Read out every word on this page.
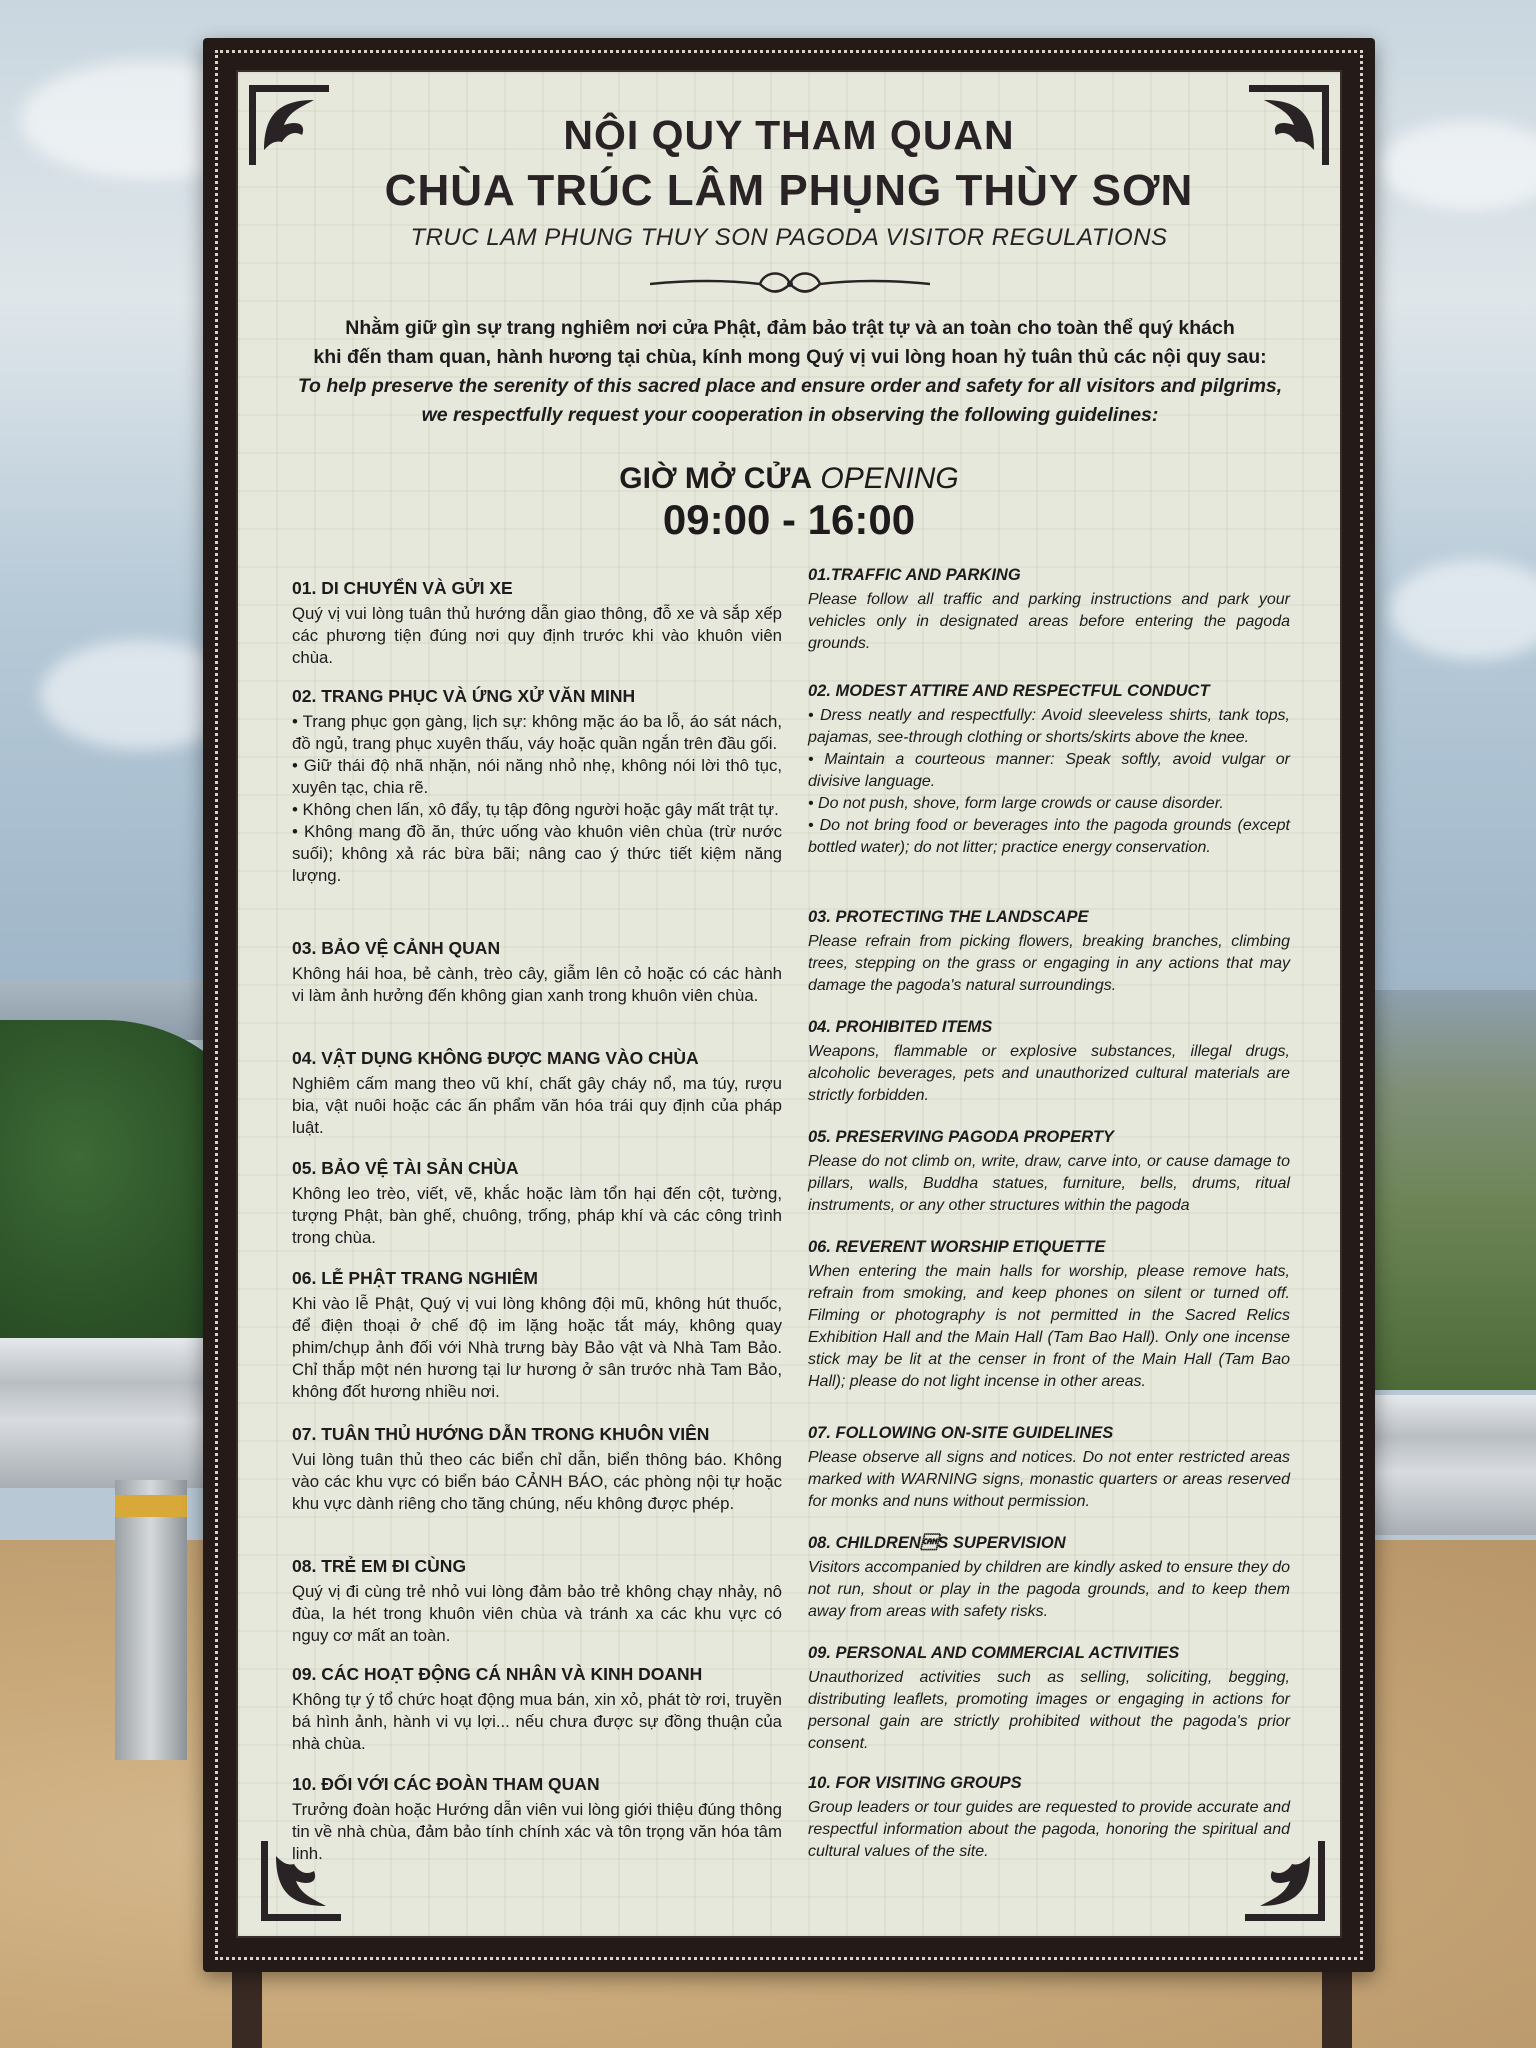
NỘI QUY THAM QUAN
CHÙA TRÚC LÂM PHỤNG THÙY SƠN
TRUC LAM PHUNG THUY SON PAGODA VISITOR REGULATIONS
Nhằm giữ gìn sự trang nghiêm nơi cửa Phật, đảm bảo trật tự và an toàn cho toàn thể quý khách
khi đến tham quan, hành hương tại chùa, kính mong Quý vị vui lòng hoan hỷ tuân thủ các nội quy sau:
To help preserve the serenity of this sacred place and ensure order and safety for all visitors and pilgrims,
we respectfully request your cooperation in observing the following guidelines:
GIỜ MỞ CỬA OPENING
09:00 - 16:00
01. DI CHUYỂN VÀ GỬI XE

Quý vị vui lòng tuân thủ hướng dẫn giao thông, đỗ xe và sắp xếp các phương tiện đúng nơi quy định trước khi vào khuôn viên chùa.

02. TRANG PHỤC VÀ ỨNG XỬ VĂN MINH

• Trang phục gọn gàng, lịch sự: không mặc áo ba lỗ, áo sát nách, đồ ngủ, trang phục xuyên thấu, váy hoặc quần ngắn trên đầu gối.

• Giữ thái độ nhã nhặn, nói năng nhỏ nhẹ, không nói lời thô tục, xuyên tạc, chia rẽ.

• Không chen lấn, xô đẩy, tụ tập đông người hoặc gây mất trật tự.

• Không mang đồ ăn, thức uống vào khuôn viên chùa (trừ nước suối); không xả rác bừa bãi; nâng cao ý thức tiết kiệm năng lượng.

03. BẢO VỆ CẢNH QUAN

Không hái hoa, bẻ cành, trèo cây, giẫm lên cỏ hoặc có các hành vi làm ảnh hưởng đến không gian xanh trong khuôn viên chùa.

04. VẬT DỤNG KHÔNG ĐƯỢC MANG VÀO CHÙA

Nghiêm cấm mang theo vũ khí, chất gây cháy nổ, ma túy, rượu bia, vật nuôi hoặc các ấn phẩm văn hóa trái quy định của pháp luật.

05. BẢO VỆ TÀI SẢN CHÙA

Không leo trèo, viết, vẽ, khắc hoặc làm tổn hại đến cột, tường, tượng Phật, bàn ghế, chuông, trống, pháp khí và các công trình trong chùa.

06. LỄ PHẬT TRANG NGHIÊM

Khi vào lễ Phật, Quý vị vui lòng không đội mũ, không hút thuốc, để điện thoại ở chế độ im lặng hoặc tắt máy, không quay phim/chụp ảnh đối với Nhà trưng bày Bảo vật và Nhà Tam Bảo. Chỉ thắp một nén hương tại lư hương ở sân trước nhà Tam Bảo, không đốt hương nhiều nơi.

07. TUÂN THỦ HƯỚNG DẪN TRONG KHUÔN VIÊN

Vui lòng tuân thủ theo các biển chỉ dẫn, biển thông báo. Không vào các khu vực có biển báo CẢNH BÁO, các phòng nội tự hoặc khu vực dành riêng cho tăng chúng, nếu không được phép.

08. TRẺ EM ĐI CÙNG

Quý vị đi cùng trẻ nhỏ vui lòng đảm bảo trẻ không chạy nhảy, nô đùa, la hét trong khuôn viên chùa và tránh xa các khu vực có nguy cơ mất an toàn.

09. CÁC HOẠT ĐỘNG CÁ NHÂN VÀ KINH DOANH

Không tự ý tổ chức hoạt động mua bán, xin xỏ, phát tờ rơi, truyền bá hình ảnh, hành vi vụ lợi... nếu chưa được sự đồng thuận của nhà chùa.

10. ĐỐI VỚI CÁC ĐOÀN THAM QUAN

Trưởng đoàn hoặc Hướng dẫn viên vui lòng giới thiệu đúng thông tin về nhà chùa, đảm bảo tính chính xác và tôn trọng văn hóa tâm linh.

01.TRAFFIC AND PARKING

Please follow all traffic and parking instructions and park your vehicles only in designated areas before entering the pagoda grounds.

02. MODEST ATTIRE AND RESPECTFUL CONDUCT

• Dress neatly and respectfully: Avoid sleeveless shirts, tank tops, pajamas, see-through clothing or shorts/skirts above the knee.

• Maintain a courteous manner: Speak softly, avoid vulgar or divisive language.

• Do not push, shove, form large crowds or cause disorder.

• Do not bring food or beverages into the pagoda grounds (except bottled water); do not litter; practice energy conservation.

03. PROTECTING THE LANDSCAPE

Please refrain from picking flowers, breaking branches, climbing trees, stepping on the grass or engaging in any actions that may damage the pagoda's natural surroundings.

04. PROHIBITED ITEMS

Weapons, flammable or explosive substances, illegal drugs, alcoholic beverages, pets and unauthorized cultural materials are strictly forbidden.

05. PRESERVING PAGODA PROPERTY

Please do not climb on, write, draw, carve into, or cause damage to pillars, walls, Buddha statues, furniture, bells, drums, ritual instruments, or any other structures within the pagoda

06. REVERENT WORSHIP ETIQUETTE

When entering the main halls for worship, please remove hats, refrain from smoking, and keep phones on silent or turned off. Filming or photography is not permitted in the Sacred Relics Exhibition Hall and the Main Hall (Tam Bao Hall). Only one incense stick may be lit at the censer in front of the Main Hall (Tam Bao Hall); please do not light incense in other areas.

07. FOLLOWING ON-SITE GUIDELINES

Please observe all signs and notices. Do not enter restricted areas marked with WARNING signs, monastic quarters or areas reserved for monks and nuns without permission.

08. CHILDRENS SUPERVISION

Visitors accompanied by children are kindly asked to ensure they do not run, shout or play in the pagoda grounds, and to keep them away from areas with safety risks.

09. PERSONAL AND COMMERCIAL ACTIVITIES

Unauthorized activities such as selling, soliciting, begging, distributing leaflets, promoting images or engaging in actions for personal gain are strictly prohibited without the pagoda's prior consent.

10. FOR VISITING GROUPS

Group leaders or tour guides are requested to provide accurate and respectful information about the pagoda, honoring the spiritual and cultural values of the site.
